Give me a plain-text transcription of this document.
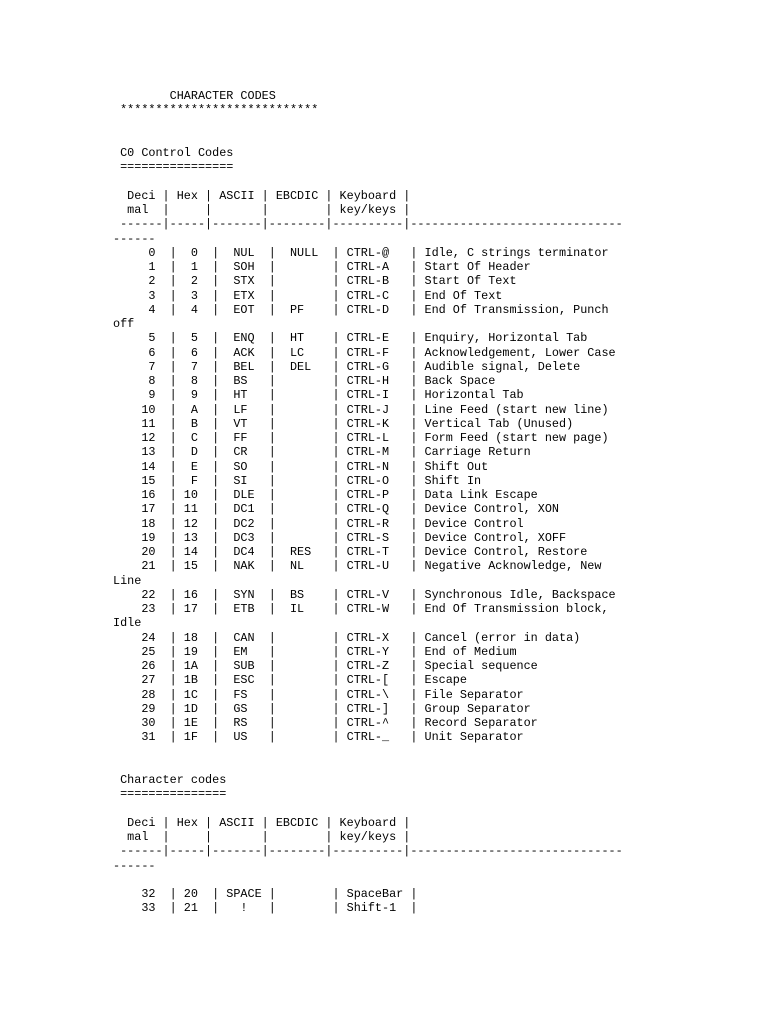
CHARACTER CODES
****************************
C0 Control Codes
================
Deci | Hex | ASCII | EBCDIC | Keyboard |
mal  |     |       |        | key/keys |
------|-----|-------|--------|----------|------------------------------
------
0  |  0  |  NUL  |  NULL  | CTRL-@   | Idle, C strings terminator
1  |  1  |  SOH  |        | CTRL-A   | Start Of Header
2  |  2  |  STX  |        | CTRL-B   | Start Of Text
3  |  3  |  ETX  |        | CTRL-C   | End Of Text
4  |  4  |  EOT  |  PF    | CTRL-D   | End Of Transmission, Punch
off
5  |  5  |  ENQ  |  HT    | CTRL-E   | Enquiry, Horizontal Tab
6  |  6  |  ACK  |  LC    | CTRL-F   | Acknowledgement, Lower Case
7  |  7  |  BEL  |  DEL   | CTRL-G   | Audible signal, Delete
8  |  8  |  BS   |        | CTRL-H   | Back Space
9  |  9  |  HT   |        | CTRL-I   | Horizontal Tab
10  |  A  |  LF   |        | CTRL-J   | Line Feed (start new line)
11  |  B  |  VT   |        | CTRL-K   | Vertical Tab (Unused)
12  |  C  |  FF   |        | CTRL-L   | Form Feed (start new page)
13  |  D  |  CR   |        | CTRL-M   | Carriage Return
14  |  E  |  SO   |        | CTRL-N   | Shift Out
15  |  F  |  SI   |        | CTRL-O   | Shift In
16  | 10  |  DLE  |        | CTRL-P   | Data Link Escape
17  | 11  |  DC1  |        | CTRL-Q   | Device Control, XON
18  | 12  |  DC2  |        | CTRL-R   | Device Control
19  | 13  |  DC3  |        | CTRL-S   | Device Control, XOFF
20  | 14  |  DC4  |  RES   | CTRL-T   | Device Control, Restore
21  | 15  |  NAK  |  NL    | CTRL-U   | Negative Acknowledge, New
Line
22  | 16  |  SYN  |  BS    | CTRL-V   | Synchronous Idle, Backspace
23  | 17  |  ETB  |  IL    | CTRL-W   | End Of Transmission block,
Idle
24  | 18  |  CAN  |        | CTRL-X   | Cancel (error in data)
25  | 19  |  EM   |        | CTRL-Y   | End of Medium
26  | 1A  |  SUB  |        | CTRL-Z   | Special sequence
27  | 1B  |  ESC  |        | CTRL-[   | Escape
28  | 1C  |  FS   |        | CTRL-\   | File Separator
29  | 1D  |  GS   |        | CTRL-]   | Group Separator
30  | 1E  |  RS   |        | CTRL-^   | Record Separator
31  | 1F  |  US   |        | CTRL-_   | Unit Separator
Character codes
===============
Deci | Hex | ASCII | EBCDIC | Keyboard |
mal  |     |       |        | key/keys |
------|-----|-------|--------|----------|------------------------------
------
32  | 20  | SPACE |        | SpaceBar |
33  | 21  |   !   |        | Shift-1  |
